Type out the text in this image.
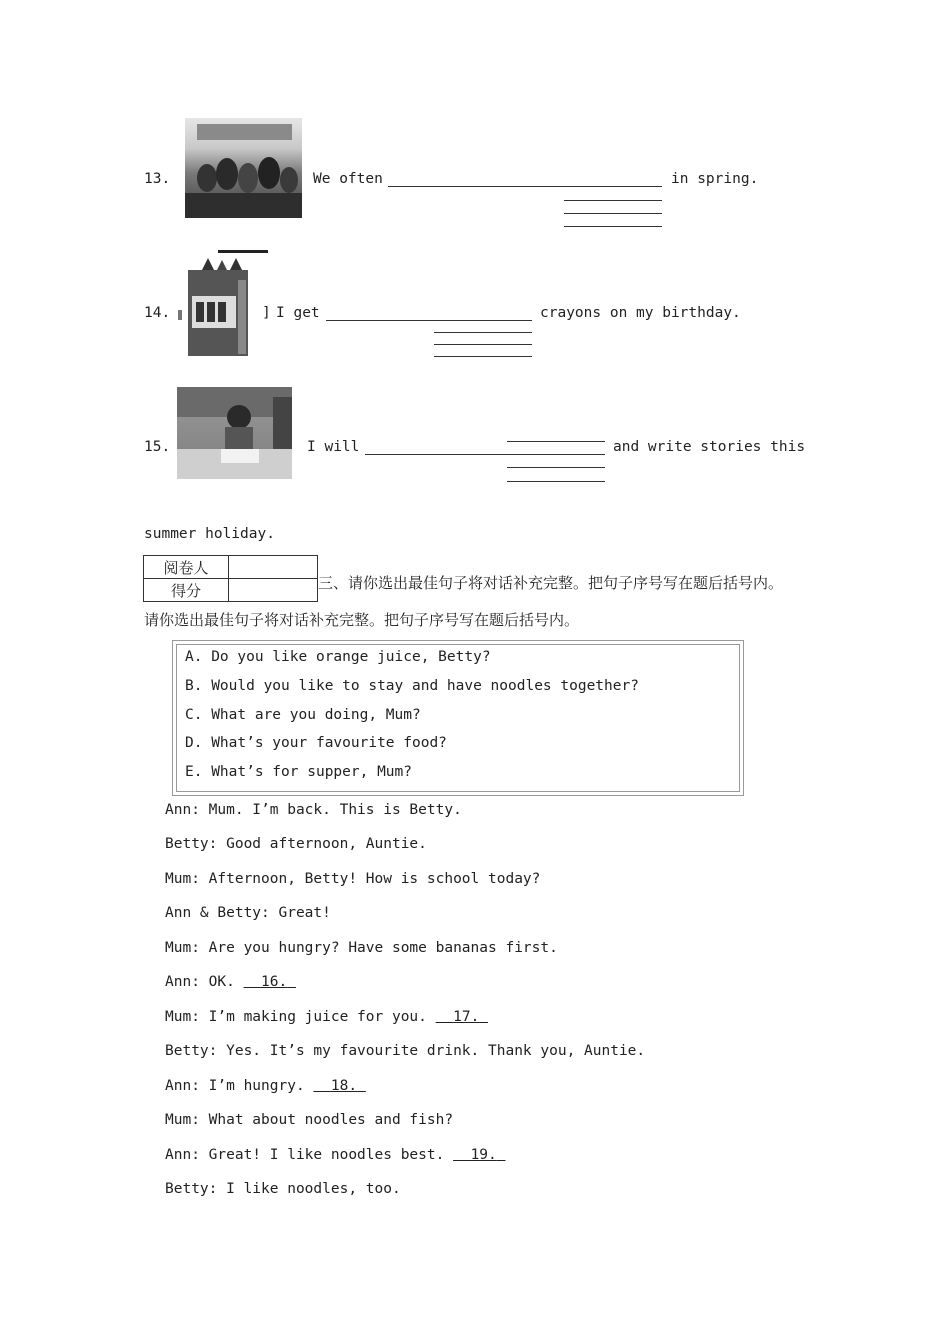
13.	We often	in spring.
14.	] I get	crayons on my birthday.
15.	I will	and write stories this
summer holiday.
阅卷人	
得分		三、请你选出最佳句子将对话补充完整。把句子序号写在题后括号内。
请你选出最佳句子将对话补充完整。把句子序号写在题后括号内。
A. Do you like orange juice, Betty?
B. Would you like to stay and have noodles together?
C. What are you doing, Mum?
D. What’s your favourite food?
E. What’s for supper, Mum?
Ann: Mum. I’m back. This is Betty.
Betty: Good afternoon, Auntie.
Mum: Afternoon, Betty! How is school today?
Ann & Betty: Great!
Mum: Are you hungry? Have some bananas first.
Ann: OK. 16.
Mum: I’m making juice for you. 17.
Betty: Yes. It’s my favourite drink. Thank you, Auntie.
Ann: I’m hungry. 18.
Mum: What about noodles and fish?
Ann: Great! I like noodles best. 19.
Betty: I like noodles, too.
